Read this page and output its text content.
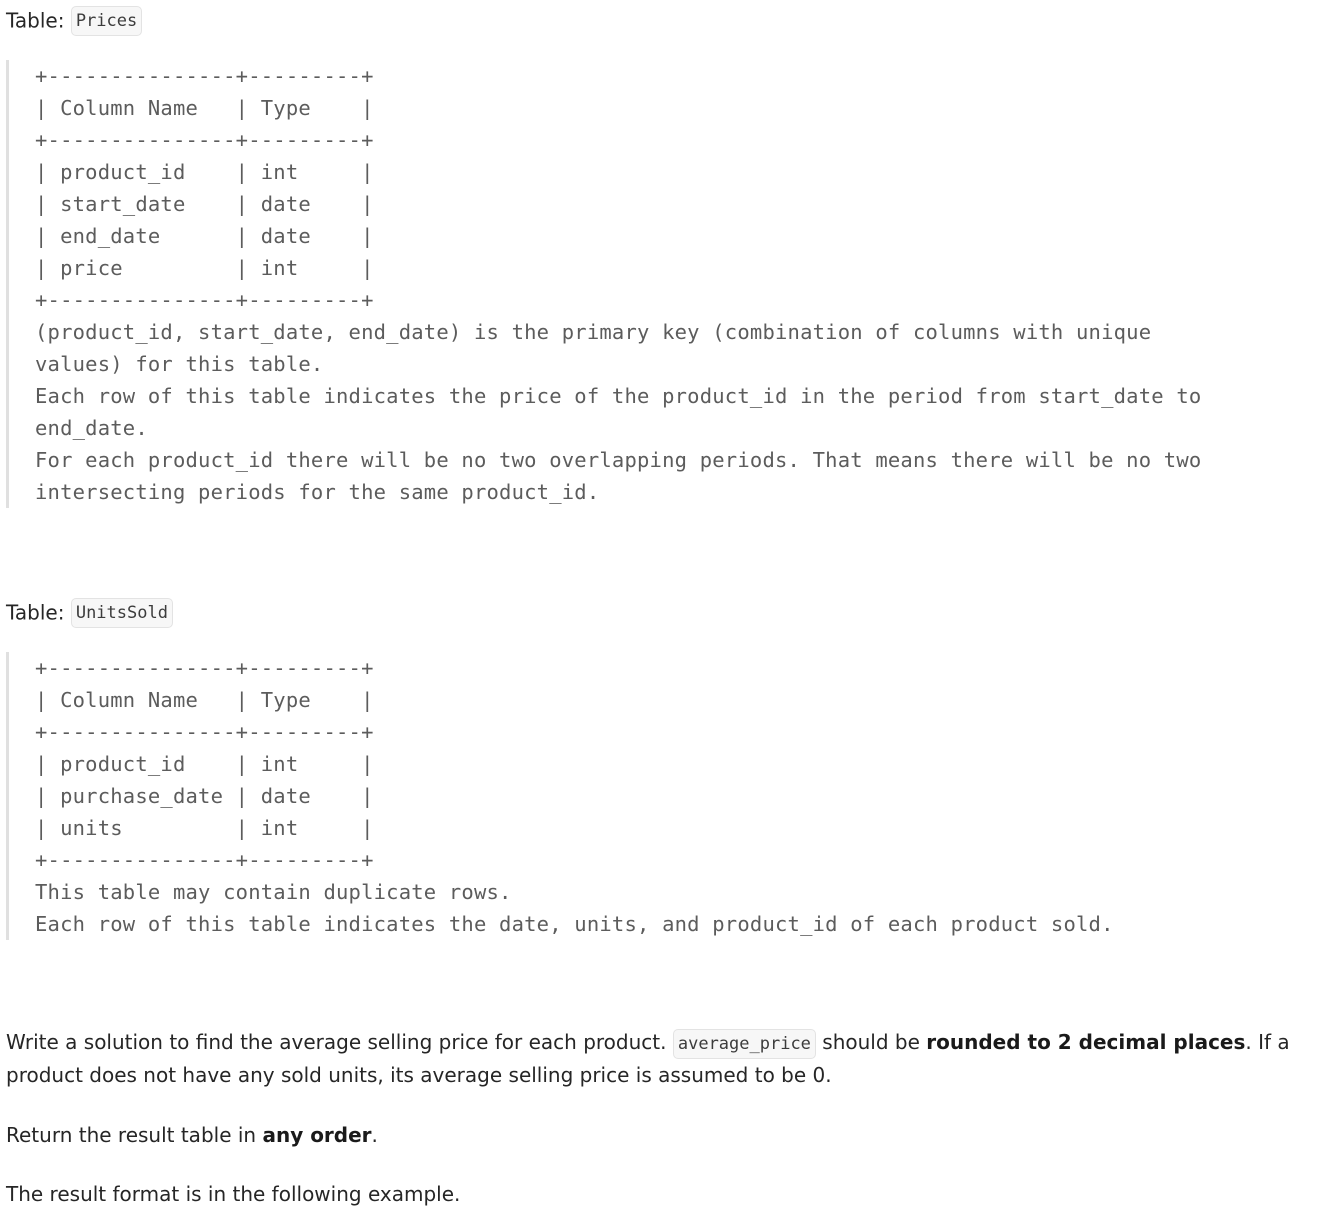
Table: Prices
+---------------+---------+
| Column Name   | Type    |
+---------------+---------+
| product_id    | int     |
| start_date    | date    |
| end_date      | date    |
| price         | int     |
+---------------+---------+
(product_id, start_date, end_date) is the primary key (combination of columns with unique
values) for this table.
Each row of this table indicates the price of the product_id in the period from start_date to
end_date.
For each product_id there will be no two overlapping periods. That means there will be no two
intersecting periods for the same product_id.
Table: UnitsSold
+---------------+---------+
| Column Name   | Type    |
+---------------+---------+
| product_id    | int     |
| purchase_date | date    |
| units         | int     |
+---------------+---------+
This table may contain duplicate rows.
Each row of this table indicates the date, units, and product_id of each product sold.
Write a solution to find the average selling price for each product. average_price should be rounded to 2 decimal places. If a product does not have any sold units, its average selling price is assumed to be 0.
Return the result table in any order.
The result format is in the following example.
